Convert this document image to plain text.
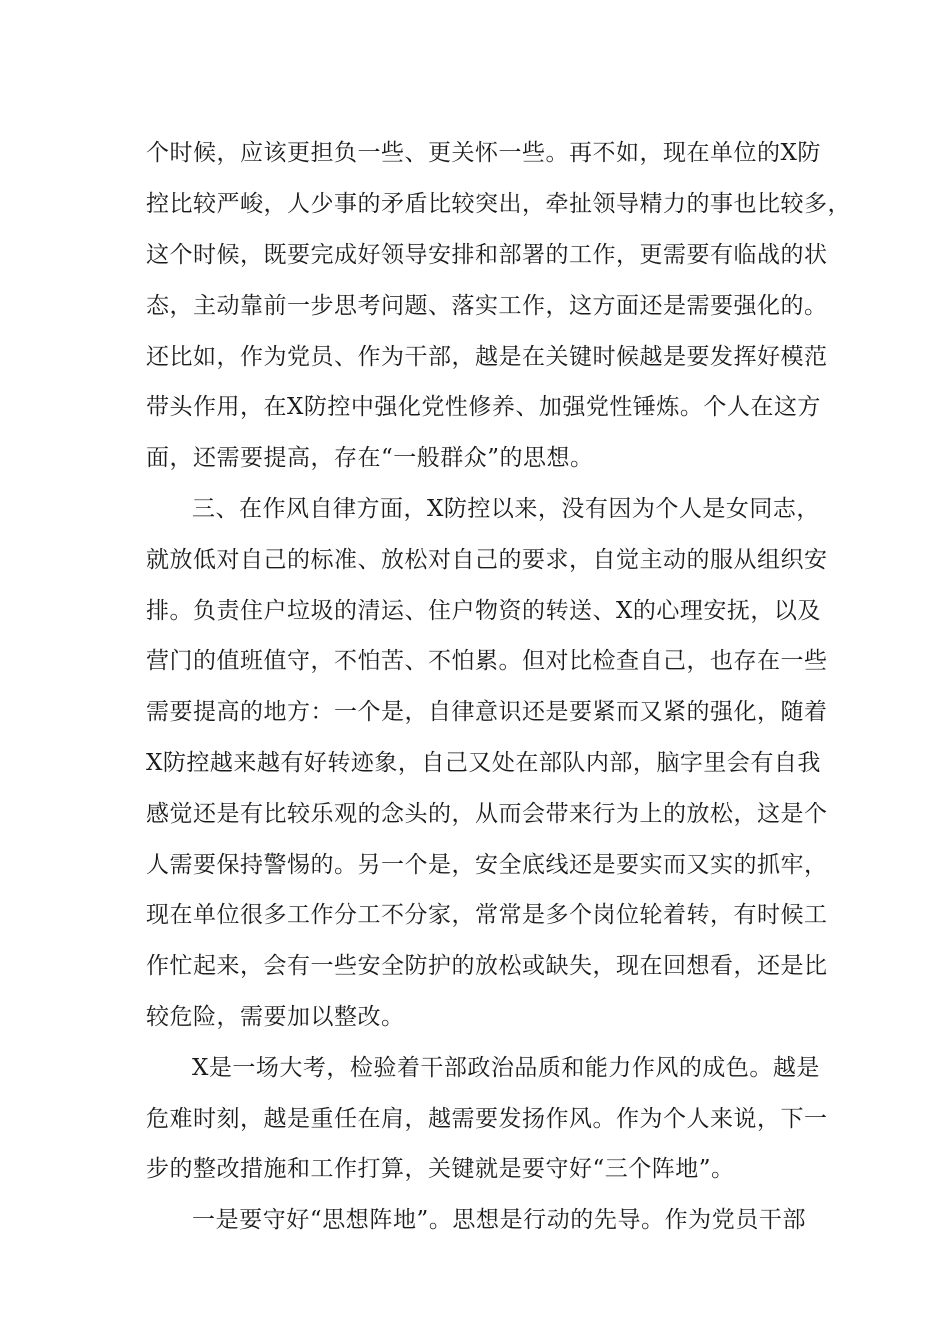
个时候，应该更担负一些、更关怀一些。再不如，现在单位的X防
控比较严峻，人少事的矛盾比较突出，牵扯领导精力的事也比较多，
这个时候，既要完成好领导安排和部署的工作，更需要有临战的状
态，主动靠前一步思考问题、落实工作，这方面还是需要强化的。
还比如，作为党员、作为干部，越是在关键时候越是要发挥好模范
带头作用，在X防控中强化党性修养、加强党性锤炼。个人在这方
面，还需要提高，存在“一般群众”的思想。
三、在作风自律方面，X防控以来，没有因为个人是女同志，
就放低对自己的标准、放松对自己的要求，自觉主动的服从组织安
排。负责住户垃圾的清运、住户物资的转送、X的心理安抚，以及
营门的值班值守，不怕苦、不怕累。但对比检查自己，也存在一些
需要提高的地方：一个是，自律意识还是要紧而又紧的强化，随着
X防控越来越有好转迹象，自己又处在部队内部，脑字里会有自我
感觉还是有比较乐观的念头的，从而会带来行为上的放松，这是个
人需要保持警惕的。另一个是，安全底线还是要实而又实的抓牢，
现在单位很多工作分工不分家，常常是多个岗位轮着转，有时候工
作忙起来，会有一些安全防护的放松或缺失，现在回想看，还是比
较危险，需要加以整改。
X是一场大考，检验着干部政治品质和能力作风的成色。越是
危难时刻，越是重任在肩，越需要发扬作风。作为个人来说，下一
步的整改措施和工作打算，关键就是要守好“三个阵地”。
一是要守好“思想阵地”。思想是行动的先导。作为党员干部
